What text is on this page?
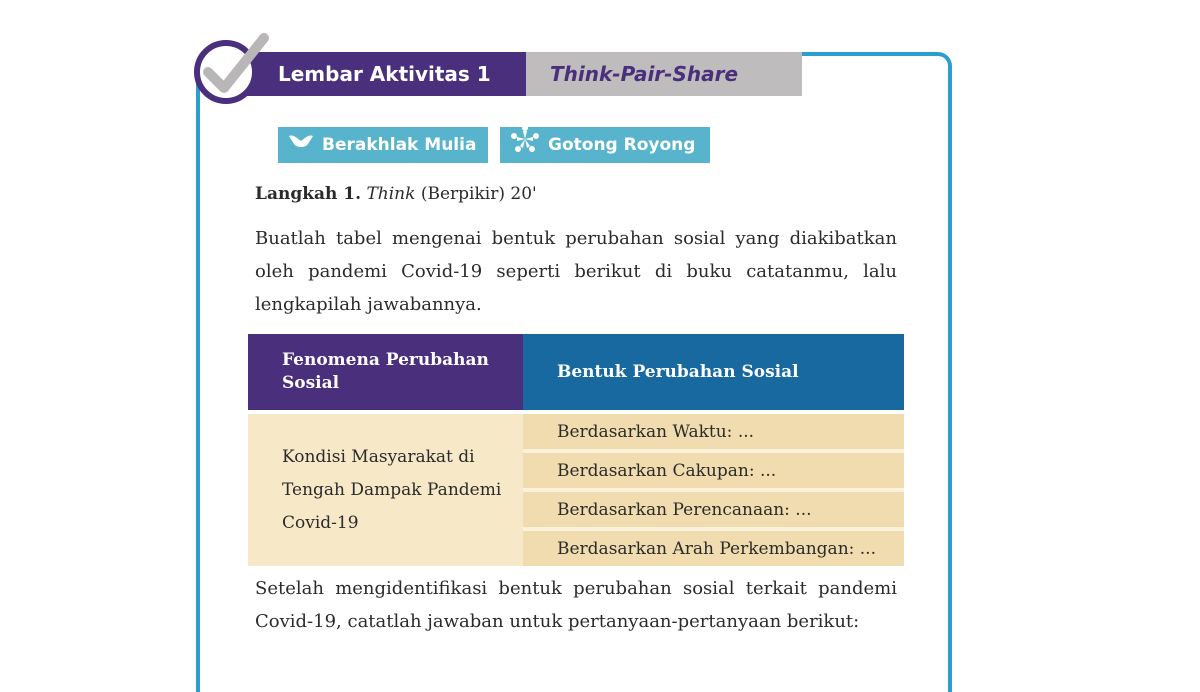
Lembar Aktivitas 1	Think-Pair-Share
Berakhlak Mulia	Gotong Royong
Langkah 1. Think (Berpikir) 20'
Buatlah tabel mengenai bentuk perubahan sosial yang diakibatkan oleh pandemi Covid-19 seperti berikut di buku catatanmu, lalu lengkapilah jawabannya.
Fenomena Perubahan Sosial	Bentuk Perubahan Sosial
Kondisi Masyarakat di Tengah Dampak Pandemi Covid-19	Berdasarkan Waktu: ...
	Berdasarkan Cakupan: ...
	Berdasarkan Perencanaan: ...
	Berdasarkan Arah Perkembangan: ...
Setelah mengidentifikasi bentuk perubahan sosial terkait pandemi Covid-19, catatlah jawaban untuk pertanyaan-pertanyaan berikut:
